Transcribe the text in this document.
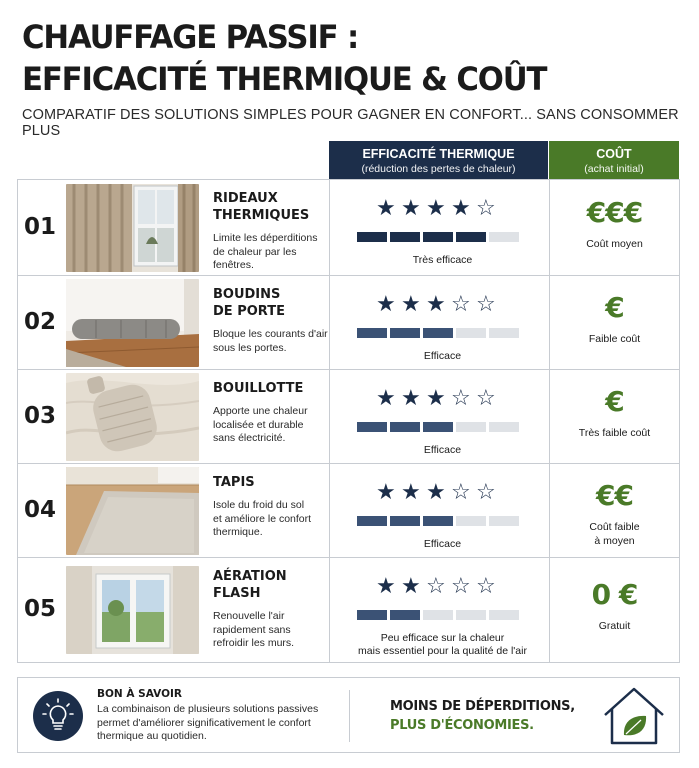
CHAUFFAGE PASSIF :
EFFICACITÉ THERMIQUE & COÛT
COMPARATIF DES SOLUTIONS SIMPLES POUR GAGNER EN CONFORT... SANS CONSOMMER PLUS
EFFICACITÉ THERMIQUE
(réduction des pertes de chaleur)
COÛT
(achat initial)
01
RIDEAUX
THERMIQUES
Limite les déperditions
de chaleur par les
fenêtres.
★ ★ ★ ★ ☆
Très efficace
€€€
Coût moyen
02
BOUDINS
DE PORTE
Bloque les courants d'air
sous les portes.
★ ★ ★ ☆ ☆
Efficace
€
Faible coût
03
BOUILLOTTE
Apporte une chaleur
localisée et durable
sans électricité.
★ ★ ★ ☆ ☆
Efficace
€
Très faible coût
04
TAPIS
Isole du froid du sol
et améliore le confort
thermique.
★ ★ ★ ☆ ☆
Efficace
€€
Coût faible
à moyen
05
AÉRATION
FLASH
Renouvelle l'air
rapidement sans
refroidir les murs.
★ ★ ☆ ☆ ☆
Peu efficace sur la chaleur
mais essentiel pour la qualité de l'air
0 €
Gratuit
BON À SAVOIR
La combinaison de plusieurs solutions passives
permet d'améliorer significativement le confort
thermique au quotidien.
MOINS DE DÉPERDITIONS,
PLUS D'ÉCONOMIES.
